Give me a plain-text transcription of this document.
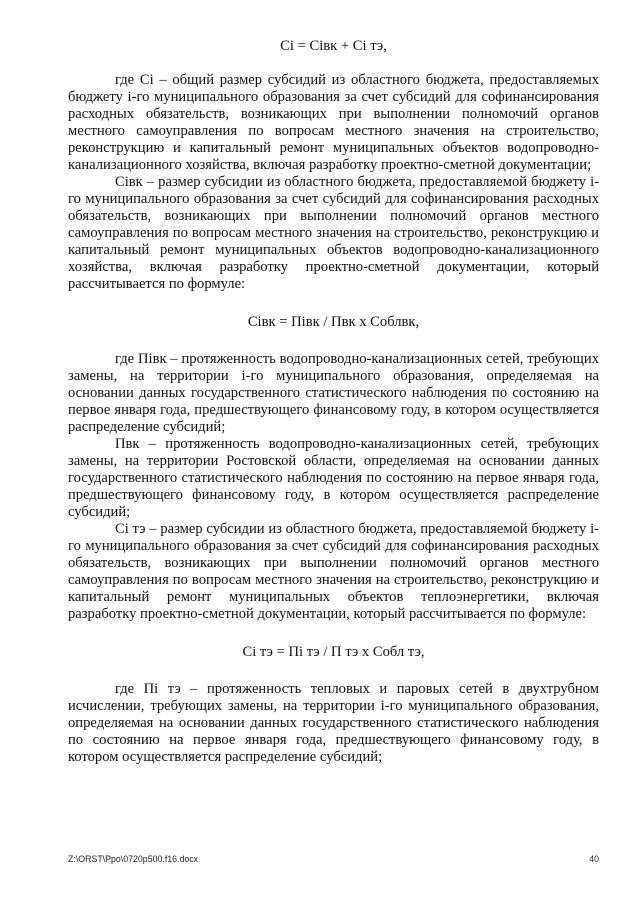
Ci = Ciвк + Ci тэ,

где Ci – общий размер субсидий из областного бюджета, предоставляемых бюджету i-го муниципального образования за счет субсидий для софинансирования расходных обязательств, возникающих при выполнении полномочий органов местного самоуправления по вопросам местного значения на строительство, реконструкцию и капитальный ремонт муниципальных объектов водопроводно-канализационного хозяйства, включая разработку проектно-сметной документации;

Ciвк – размер субсидии из областного бюджета, предоставляемой бюджету i-го муниципального образования за счет субсидий для софинансирования расходных обязательств, возникающих при выполнении полномочий органов местного самоуправления по вопросам местного значения на строительство, реконструкцию и капитальный ремонт муниципальных объектов водопроводно-канализационного хозяйства, включая разработку проектно-сметной документации, который рассчитывается по формуле:

Ciвк = Пiвк / Пвк х Соблвк,

где Пiвк – протяженность водопроводно-канализационных сетей, требующих замены, на территории i-го муниципального образования, определяемая на основании данных государственного статистического наблюдения по состоянию на первое января года, предшествующего финансовому году, в котором осуществляется распределение субсидий;

Пвк – протяженность водопроводно-канализационных сетей, требующих замены, на территории Ростовской области, определяемая на основании данных государственного статистического наблюдения по состоянию на первое января года, предшествующего финансовому году, в котором осуществляется распределение субсидий;

Ci тэ – размер субсидии из областного бюджета, предоставляемой бюджету i-го муниципального образования за счет субсидий для софинансирования расходных обязательств, возникающих при выполнении полномочий органов местного самоуправления по вопросам местного значения на строительство, реконструкцию и капитальный ремонт муниципальных объектов теплоэнергетики, включая разработку проектно-сметной документации, который рассчитывается по формуле:

Ci тэ = Пi тэ / П тэ х Собл тэ,

где Пi тэ – протяженность тепловых и паровых сетей в двухтрубном исчислении, требующих замены, на территории i-го муниципального образования, определяемая на основании данных государственного статистического наблюдения по состоянию на первое января года, предшествующего финансовому году, в котором осуществляется распределение субсидий;

Z:\ORST\Ppo\0720p500.f16.docx	40
